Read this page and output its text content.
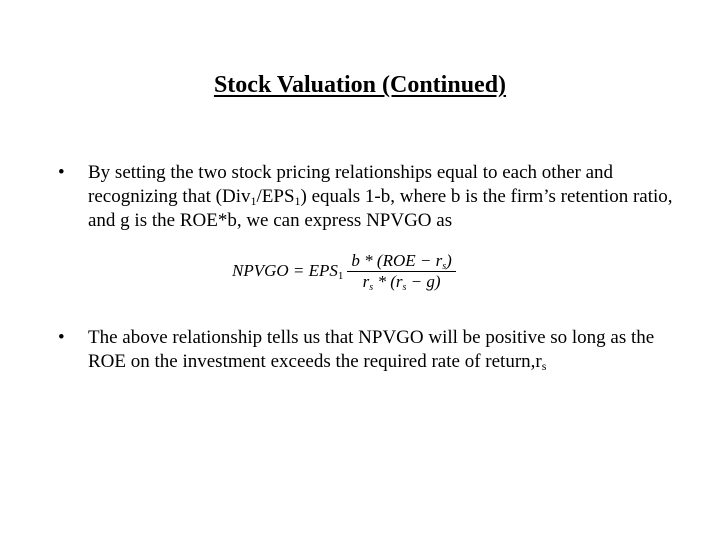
Stock Valuation (Continued)
•	By setting the two stock pricing relationships equal to each other and recognizing that $(Div_1/EPS_1)$ equals 1-b, where b is the firm’s retention ratio, and g is the ROE*b, we can express NPVGO as
NPVGO = $EPS_1 \frac{b * (ROE - r_s)}{r_s * (r_s - g)}$
•	The above relationship tells us that NPVGO will be positive so long as the ROE on the investment exceeds the required rate of $return,r_s$
